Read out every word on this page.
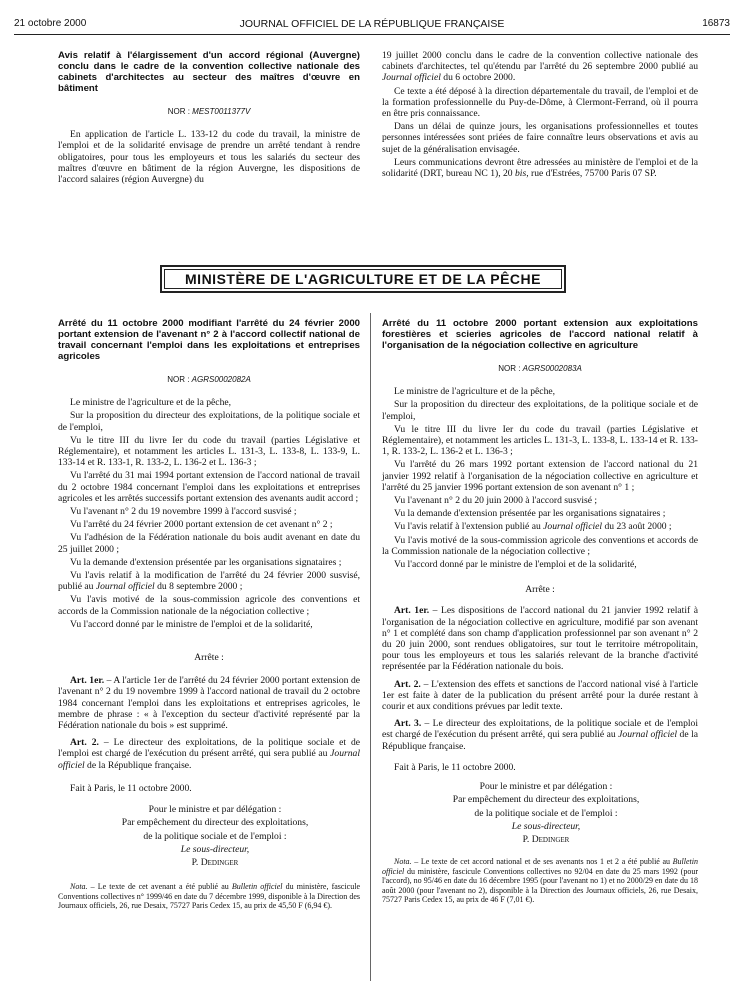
21 octobre 2000	JOURNAL OFFICIEL DE LA RÉPUBLIQUE FRANÇAISE	16873
Avis relatif à l'élargissement d'un accord régional (Auvergne) conclu dans le cadre de la convention collective nationale des cabinets d'architectes au secteur des maîtres d'œuvre en bâtiment
NOR : MEST0011377V

En application de l'article L. 133-12 du code du travail, la ministre de l'emploi et de la solidarité envisage de prendre un arrêté tendant à rendre obligatoires, pour tous les employeurs et tous les salariés du secteur des maîtres d'œuvre en bâtiment de la région Auvergne, les dispositions de l'accord salaires (région Auvergne) du

19 juillet 2000 conclu dans le cadre de la convention collective nationale des cabinets d'architectes, tel qu'étendu par l'arrêté du 26 septembre 2000 publié au Journal officiel du 6 octobre 2000.

Ce texte a été déposé à la direction départementale du travail, de l'emploi et de la formation professionnelle du Puy-de-Dôme, à Clermont-Ferrand, où il pourra en être pris connaissance.

Dans un délai de quinze jours, les organisations professionnelles et toutes personnes intéressées sont priées de faire connaître leurs observations et avis au sujet de la généralisation envisagée.

Leurs communications devront être adressées au ministère de l'emploi et de la solidarité (DRT, bureau NC 1), 20 bis, rue d'Estrées, 75700 Paris 07 SP.

MINISTÈRE DE L'AGRICULTURE ET DE LA PÊCHE
Arrêté du 11 octobre 2000 modifiant l'arrêté du 24 février 2000 portant extension de l'avenant n° 2 à l'accord collectif national de travail concernant l'emploi dans les exploitations et entreprises agricoles
NOR : AGRS0002082A

Le ministre de l'agriculture et de la pêche,

Sur la proposition du directeur des exploitations, de la politique sociale et de l'emploi,

Vu le titre III du livre Ier du code du travail (parties Législative et Réglementaire), et notamment les articles L. 131-3, L. 133-8, L. 133-9, L. 133-14 et R. 133-1, R. 133-2, L. 136-2 et L. 136-3 ;

Vu l'arrêté du 31 mai 1994 portant extension de l'accord national de travail du 2 octobre 1984 concernant l'emploi dans les exploitations et entreprises agricoles et les arrêtés successifs portant extension des avenants audit accord ;

Vu l'avenant n° 2 du 19 novembre 1999 à l'accord susvisé ;

Vu l'arrêté du 24 février 2000 portant extension de cet avenant n° 2 ;

Vu l'adhésion de la Fédération nationale du bois audit avenant en date du 25 juillet 2000 ;

Vu la demande d'extension présentée par les organisations signataires ;

Vu l'avis relatif à la modification de l'arrêté du 24 février 2000 susvisé, publié au Journal officiel du 8 septembre 2000 ;

Vu l'avis motivé de la sous-commission agricole des conventions et accords de la Commission nationale de la négociation collective ;

Vu l'accord donné par le ministre de l'emploi et de la solidarité,

Arrête :

Art. 1er. – A l'article 1er de l'arrêté du 24 février 2000 portant extension de l'avenant n° 2 du 19 novembre 1999 à l'accord national de travail du 2 octobre 1984 concernant l'emploi dans les exploitations et entreprises agricoles, le membre de phrase : « à l'exception du secteur d'activité représenté par la Fédération nationale du bois » est supprimé.

Art. 2. – Le directeur des exploitations, de la politique sociale et de l'emploi est chargé de l'exécution du présent arrêté, qui sera publié au Journal officiel de la République française.

Fait à Paris, le 11 octobre 2000.

Pour le ministre et par délégation :

Par empêchement du directeur des exploitations,

de la politique sociale et de l'emploi :

Le sous-directeur,

P. Dedinger

Nota. – Le texte de cet avenant a été publié au Bulletin officiel du ministère, fascicule Conventions collectives n° 1999/46 en date du 7 décembre 1999, disponible à la Direction des Journaux officiels, 26, rue Desaix, 75727 Paris Cedex 15, au prix de 45,50 F (6,94 €).

Arrêté du 11 octobre 2000 portant extension aux exploitations forestières et scieries agricoles de l'accord national relatif à l'organisation de la négociation collective en agriculture
NOR : AGRS0002083A

Le ministre de l'agriculture et de la pêche,

Sur la proposition du directeur des exploitations, de la politique sociale et de l'emploi,

Vu le titre III du livre Ier du code du travail (parties Législative et Réglementaire), et notamment les articles L. 131-3, L. 133-8, L. 133-14 et R. 133-1, R. 133-2, L. 136-2 et L. 136-3 ;

Vu l'arrêté du 26 mars 1992 portant extension de l'accord national du 21 janvier 1992 relatif à l'organisation de la négociation collective en agriculture et l'arrêté du 25 janvier 1996 portant extension de son avenant n° 1 ;

Vu l'avenant n° 2 du 20 juin 2000 à l'accord susvisé ;

Vu la demande d'extension présentée par les organisations signataires ;

Vu l'avis relatif à l'extension publié au Journal officiel du 23 août 2000 ;

Vu l'avis motivé de la sous-commission agricole des conventions et accords de la Commission nationale de la négociation collective ;

Vu l'accord donné par le ministre de l'emploi et de la solidarité,

Arrête :

Art. 1er. – Les dispositions de l'accord national du 21 janvier 1992 relatif à l'organisation de la négociation collective en agriculture, modifié par son avenant n° 1 et complété dans son champ d'application professionnel par son avenant n° 2 du 20 juin 2000, sont rendues obligatoires, sur tout le territoire métropolitain, pour tous les employeurs et tous les salariés relevant de la branche d'activité représentée par la Fédération nationale du bois.

Art. 2. – L'extension des effets et sanctions de l'accord national visé à l'article 1er est faite à dater de la publication du présent arrêté pour la durée restant à courir et aux conditions prévues par ledit texte.

Art. 3. – Le directeur des exploitations, de la politique sociale et de l'emploi est chargé de l'exécution du présent arrêté, qui sera publié au Journal officiel de la République française.

Fait à Paris, le 11 octobre 2000.

Pour le ministre et par délégation :

Par empêchement du directeur des exploitations,

de la politique sociale et de l'emploi :

Le sous-directeur,

P. Dedinger

Nota. – Le texte de cet accord national et de ses avenants nos 1 et 2 a été publié au Bulletin officiel du ministère, fascicule Conventions collectives no 92/04 en date du 25 mars 1992 (pour l'accord), no 95/46 en date du 16 décembre 1995 (pour l'avenant no 1) et no 2000/29 en date du 18 août 2000 (pour l'avenant no 2), disponible à la Direction des Journaux officiels, 26, rue Desaix, 75727 Paris Cedex 15, au prix de 46 F (7,01 €).
